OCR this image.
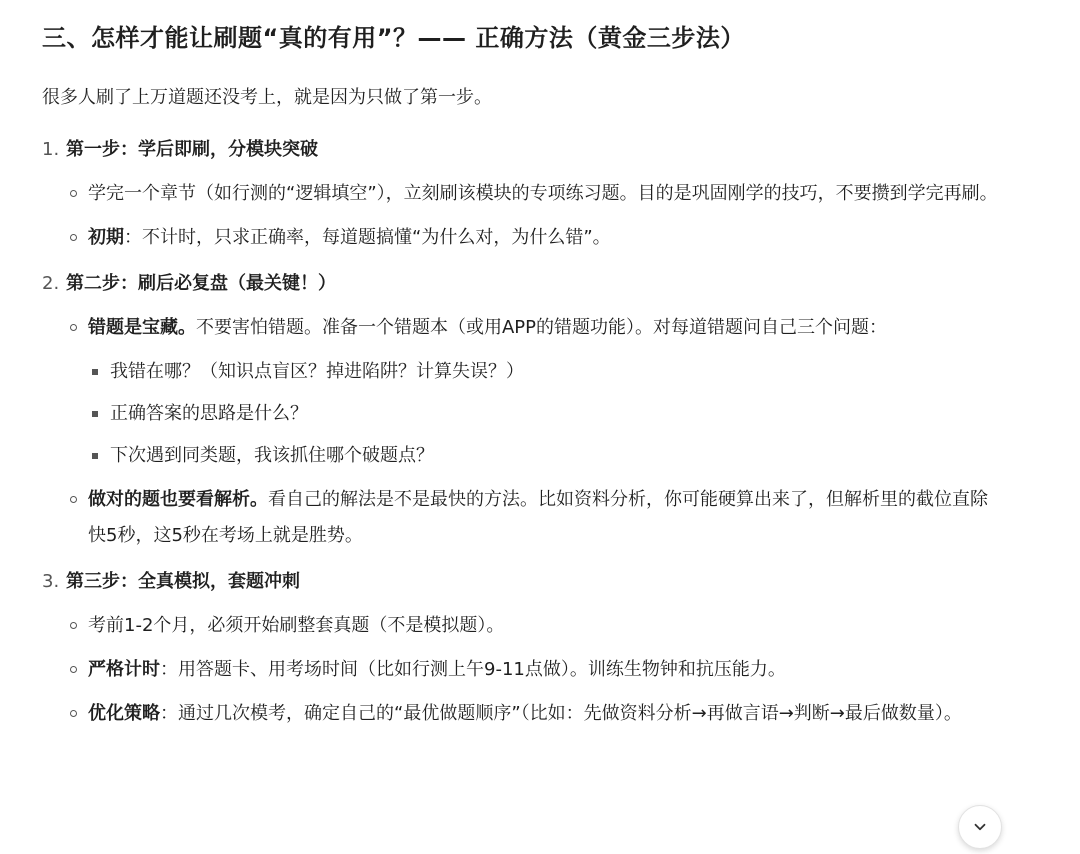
三、怎样才能让刷题“真的有用”？—— 正确方法（黄金三步法）

很多人刷了上万道题还没考上，就是因为只做了第一步。

1. 第一步：学后即刷，分模块突破
学完一个章节（如行测的“逻辑填空”），立刻刷该模块的专项练习题。目的是巩固刚学的技巧，不要攒到学完再刷。
初期：不计时，只求正确率，每道题搞懂“为什么对，为什么错”。
2. 第二步：刷后必复盘（最关键！）
错题是宝藏。不要害怕错题。准备一个错题本（或用APP的错题功能）。对每道错题问自己三个问题：
我错在哪？（知识点盲区？掉进陷阱？计算失误？）
正确答案的思路是什么？
下次遇到同类题，我该抓住哪个破题点？
做对的题也要看解析。看自己的解法是不是最快的方法。比如资料分析，你可能硬算出来了，但解析里的截位直除快5秒，这5秒在考场上就是胜势。
3. 第三步：全真模拟，套题冲刺
考前1-2个月，必须开始刷整套真题（不是模拟题）。
严格计时：用答题卡、用考场时间（比如行测上午9-11点做）。训练生物钟和抗压能力。
优化策略：通过几次模考，确定自己的“最优做题顺序”（比如：先做资料分析→再做言语→判断→最后做数量）。
